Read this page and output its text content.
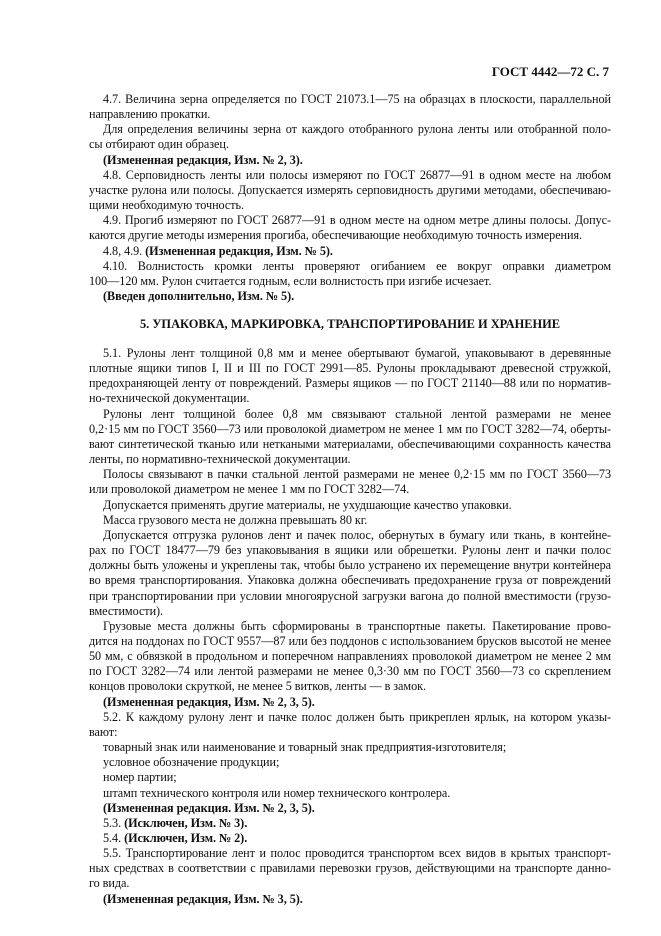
ГОСТ 4442—72 С. 7
4.7. Величина зерна определяется по ГОСТ 21073.1—75 на образцах в плоскости, параллельной
направлению прокатки.
Для определения величины зерна от каждого отобранного рулона ленты или отобранной поло-
сы отбирают один образец.
(Измененная редакция, Изм. № 2, 3).
4.8. Серповидность ленты или полосы измеряют по ГОСТ 26877—91 в одном месте на любом
участке рулона или полосы. Допускается измерять серповидность другими методами, обеспечиваю-
щими необходимую точность.
4.9. Прогиб измеряют по ГОСТ 26877—91 в одном месте на одном метре длины полосы. Допус-
каются другие методы измерения прогиба, обеспечивающие необходимую точность измерения.
4.8, 4.9. (Измененная редакция, Изм. № 5).
4.10. Волнистость кромки ленты проверяют огибанием ее вокруг оправки диаметром
100—120 мм. Рулон считается годным, если волнистость при изгибе исчезает.
(Введен дополнительно, Изм. № 5).
5. УПАКОВКА, МАРКИРОВКА, ТРАНСПОРТИРОВАНИЕ И ХРАНЕНИЕ
5.1. Рулоны лент толщиной 0,8 мм и менее обертывают бумагой, упаковывают в деревянные
плотные ящики типов I, II и III по ГОСТ 2991—85. Рулоны прокладывают древесной стружкой,
предохраняющей ленту от повреждений. Размеры ящиков — по ГОСТ 21140—88 или по норматив-
но-технической документации.
Рулоны лент толщиной более 0,8 мм связывают стальной лентой размерами не менее
0,2·15 мм по ГОСТ 3560—73 или проволокой диаметром не менее 1 мм по ГОСТ 3282—74, оберты-
вают синтетической тканью или неткаными материалами, обеспечивающими сохранность качества
ленты, по нормативно-технической документации.
Полосы связывают в пачки стальной лентой размерами не менее 0,2·15 мм по ГОСТ 3560—73
или проволокой диаметром не менее 1 мм по ГОСТ 3282—74.
Допускается применять другие материалы, не ухудшающие качество упаковки.
Масса грузового места не должна превышать 80 кг.
Допускается отгрузка рулонов лент и пачек полос, обернутых в бумагу или ткань, в контейне-
рах по ГОСТ 18477—79 без упаковывания в ящики или обрешетки. Рулоны лент и пачки полос
должны быть уложены и укреплены так, чтобы было устранено их перемещение внутри контейнера
во время транспортирования. Упаковка должна обеспечивать предохранение груза от повреждений
при транспортировании при условии многоярусной загрузки вагона до полной вместимости (грузо-
вместимости).
Грузовые места должны быть сформированы в транспортные пакеты. Пакетирование прово-
дится на поддонах по ГОСТ 9557—87 или без поддонов с использованием брусков высотой не менее
50 мм, с обвязкой в продольном и поперечном направлениях проволокой диаметром не менее 2 мм
по ГОСТ 3282—74 или лентой размерами не менее 0,3·30 мм по ГОСТ 3560—73 со скреплением
концов проволоки скруткой, не менее 5 витков, ленты — в замок.
(Измененная редакция, Изм. № 2, 3, 5).
5.2. К каждому рулону лент и пачке полос должен быть прикреплен ярлык, на котором указы-
вают:
товарный знак или наименование и товарный знак предприятия-изготовителя;
условное обозначение продукции;
номер партии;
штамп технического контроля или номер технического контролера.
(Измененная редакция. Изм. № 2, 3, 5).
5.3. (Исключен, Изм. № 3).
5.4. (Исключен, Изм. № 2).
5.5. Транспортирование лент и полос проводится транспортом всех видов в крытых транспорт-
ных средствах в соответствии с правилами перевозки грузов, действующими на транспорте данно-
го вида.
(Измененная редакция, Изм. № 3, 5).
